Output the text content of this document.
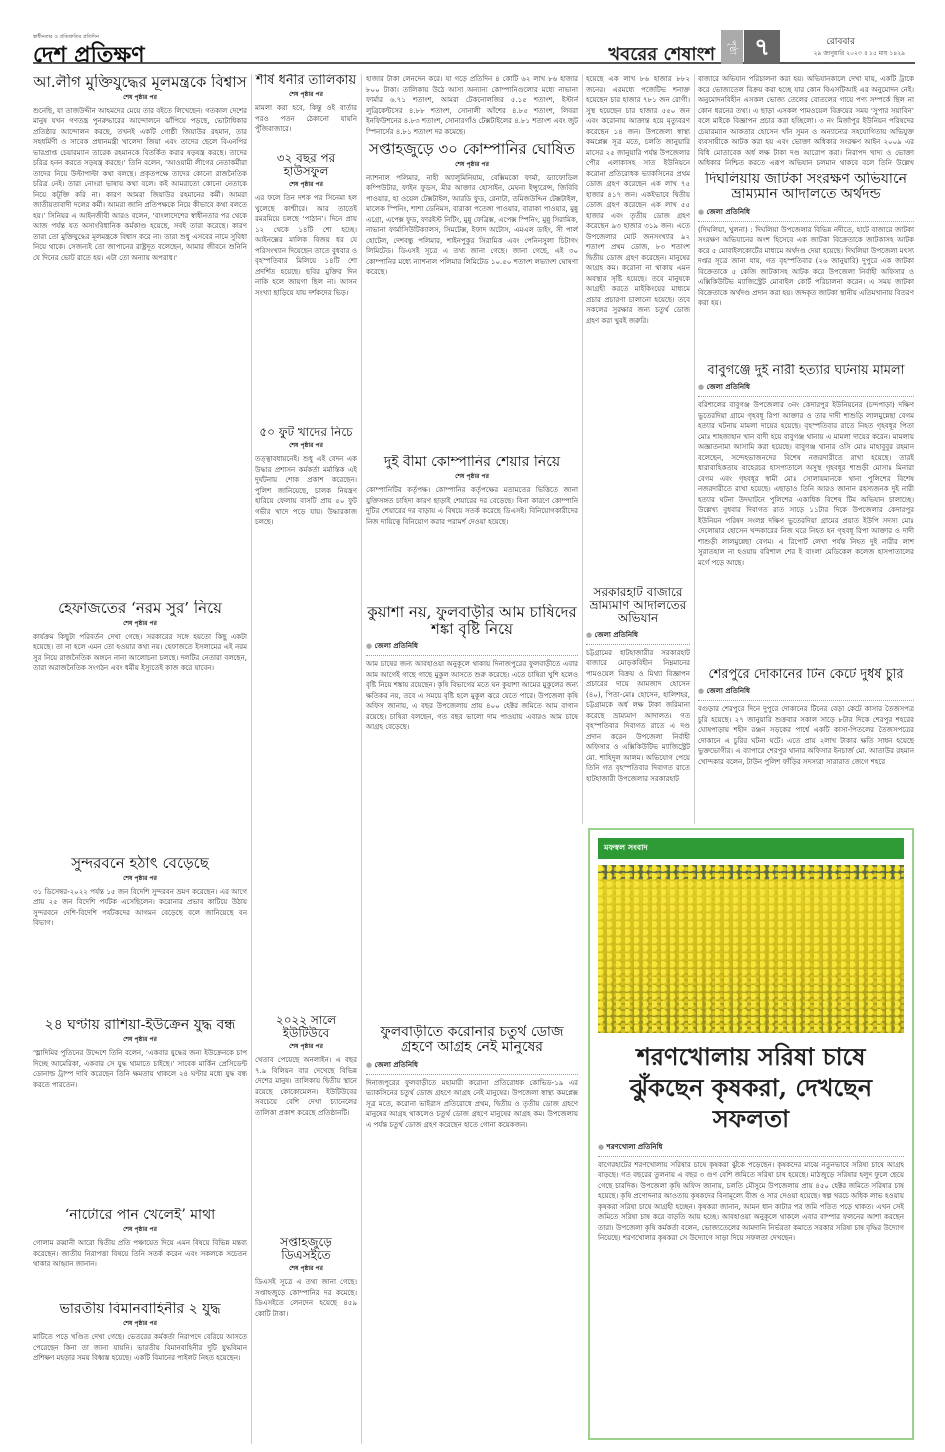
স্বাধীনতার ও প্রতিশ্রুতির প্রতিদিন
দেশ প্রতিক্ষণ	খবরের শেষাংশ	পৃষ্ঠা ৭	রোববার
২৯ জানুয়ারি ২০২৩ ॥ ১৫ মাঘ ১৪২৯
আ.লীগ মুক্তিযুদ্ধের মূলমন্ত্রকে বিশ্বাস
শেষ পৃষ্ঠার পর

শুনেছি, যা তাজউদ্দীন আহমদের মেয়ে তার বইতে লিখেছেন। গতকাল দেশের মানুষ যখন গণতন্ত্র পুনরুদ্ধারের আন্দোলনে ঝাঁপিয়ে পড়ছে, ভোটাধিকার প্রতিষ্ঠার আন্দোলন করছে, তখনই একটি গোষ্ঠী জিয়াউর রহমান, তার সহধর্মিণী ও সাবেক প্রধানমন্ত্রী খালেদা জিয়া এবং তাদের ছেলে বিএনপির ভারপ্রাপ্ত চেয়ারম্যান তারেক রহমানকে বিতর্কিত করার ষড়যন্ত্র করছে। তাদের চরিত্র হনন করতে সড়যন্ত্র করছে।’ তিনি বলেন, ‘আওয়ামী লীগের নেতাকর্মীরা তাদের নিয়ে উল্টাপাল্টা কথা বলছে। প্রকৃতপক্ষে তাদের কোনো রাজনৈতিক চরিত্র নেই। তারা নোংরা ভাষায় কথা বলে। কই আমরাতো কোনো নেতাকে নিয়ে কটূক্তি করি না। কারণ আমরা জিয়াউর রহমানের কর্মী। আমরা জাতীয়তাবাদী দলের কর্মী। আমরা জানি প্রতিপক্ষকে নিয়ে কীভাবে কথা বলতে হয়।’ সিনিয়র এ আইনজীবী আরও বলেন, ‘বাংলাদেশের স্বাধীনতার পর থেকে আজ পর্যন্ত যত অসাংবিধানিক কর্মকাণ্ড হয়েছে, সবই তারা করেছে। কারণ তারা তো মুক্তিযুদ্ধের মূলমন্ত্রকে বিশ্বাস করে না। তারা শুধু এসবের নামে সুবিধা নিয়ে থাকে। সেজন্যই তো জাপানের রাষ্ট্রদূত বলেছেন, আমার জীবনে শুনিনি যে দিনের ভোট রাতে হয়। এটা তো অন্যায় অপরাধ।'

হেফাজতের ‘নরম সুর’ নিয়ে
শেষ পৃষ্ঠার পর

কার্যক্রম কিছুটা পরিবর্তন দেখা গেছে। সরকারের সঙ্গে হয়তো কিছু একটা হয়েছে। তা না হলে এমন তো হওয়ার কথা নয়। হেফাজতে ইসলামের এই নরম সুর নিয়ে রাজনৈতিক অঙ্গনে নানা আলোচনা চলছে। দলটির নেতারা বলছেন, তারা অরাজনৈতিক সংগঠন এবং ধর্মীয় ইস্যুতেই কাজ করে যাবেন।

সুন্দরবনে হঠাৎ বেড়েছে
শেষ পৃষ্ঠার পর

৩১ ডিসেম্বর-২০২২ পর্যন্ত ১৫ জন বিদেশি সুন্দরবন ভ্রমণ করেছেন। এর আগে প্রায় ২৫ জন বিদেশি পর্যটক এসেছিলেন। করোনার প্রভাব কাটিয়ে উঠায় সুন্দরবনে দেশি-বিদেশি পর্যটকদের আগমন বেড়েছে বলে জানিয়েছে বন বিভাগ।

২৪ ঘণ্টায় রাশিয়া-ইউক্রেন যুদ্ধ বন্ধ
শেষ পৃষ্ঠার পর

‘ভ্লাদিমির পুতিনের উদ্দেশে তিনি বলেন, ‘একবার যুদ্ধের জন্য ইউক্রেনকে চাপ দিচ্ছে আমেরিকা, একবার সে যুদ্ধ থামাতে চাইছে।’ সাবেক মার্কিন প্রেসিডেন্ট ডোনাল্ড ট্রাম্প দাবি করেছেন তিনি ক্ষমতায় থাকলে ২৪ ঘণ্টার মধ্যে যুদ্ধ বন্ধ করতে পারতেন।

‘নাটোরে পান খেলেই’ মাথা
শেষ পৃষ্ঠার পর

গোলাম রব্বানী আরো দ্বিতীয় প্রতি পঞ্চায়েত দিয়ে এমন বিষয়ে বিভিন্ন মন্তব্য করেছেন। জাতীয় নিরাপত্তা বিষয়ে তিনি সতর্ক করেন এবং সকলকে সচেতন থাকার আহ্বান জানান।

ভারতীয় বিমানবাহিনীর ২ যুদ্ধ
শেষ পৃষ্ঠার পর

মাটিতে পড়ে খণ্ডিত দেখা গেছে। ভেতরের কর্মকর্তা নিরাপদে বেরিয়ে আসতে পেরেছেন কিনা তা জানা যায়নি। ভারতীয় বিমানবাহিনীর দুটি যুদ্ধবিমান প্রশিক্ষণ মহড়ার সময় বিধ্বস্ত হয়েছে। একটি বিমানের পাইলট নিহত হয়েছেন।

শীর্ষ ধনীর তালিকায়
শেষ পৃষ্ঠার পর

মামলা করা হবে, কিন্তু ওই বার্তার পরও পতন ঠেকানো যায়নি পুঁজিবাজারে।

৩২ বছর পর হাউসফুল
শেষ পৃষ্ঠার পর

এর ফলে তিন দশক পর সিনেমা হল খুলেছে কাশ্মীরে। আর তাতেই রমরমিয়ে চলছে ‘পাঠান’। দিনে প্রায় ১২ থেকে ১৪টি শো হচ্ছে। আইনক্সের মালিক বিজয় ধর যে পরিসংখ্যান দিয়েছেন তাতে বুধবার ও বৃহস্পতিবার মিলিয়ে ১৪টি শো প্রদর্শিত হয়েছে। ছবির মুক্তির দিন নাকি হলে জায়গা ছিল না। আসন সংখ্যা ছাড়িয়ে যায় দর্শকদের ভিড়।

৫০ ফুট খাদের নিচে
শেষ পৃষ্ঠার পর

তত্ত্বাবধায়নেই। শুধু এই বেদন এক উদ্ধার প্রশাসন কর্মকর্তা মর্মান্তিক এই দুর্ঘটনায় শোক প্রকাশ করেছেন। পুলিশ জানিয়েছে, চালক নিয়ন্ত্রণ হারিয়ে ফেলায় বাসটি প্রায় ৫০ ফুট গভীর খাদে পড়ে যায়। উদ্ধারকাজ চলছে।

২০২২ সালে ইউটিউবে
শেষ পৃষ্ঠার পর

খেতাব পেয়েছে অনলাইন। এ বছর ৭.৯ বিলিয়ন বার দেখেছে বিভিন্ন দেশের মানুষ। তালিকায় দ্বিতীয় স্থানে রয়েছে কোকোমেলন। ইউটিউবের সবচেয়ে বেশি দেখা চ্যানেলের তালিকা প্রকাশ করেছে প্রতিষ্ঠানটি।

সপ্তাহজুড়ে ডিএসইতে
শেষ পৃষ্ঠার পর

ডিএসই সূত্রে এ তথ্য জানা গেছে। সপ্তাহজুড়ে কোম্পানির দর কমেছে। ডিএসইতে লেনদেন হয়েছে ৪৫৯ কোটি টাকা।

হাজার টাকা লেনদেন করে। যা গড়ে প্রতিদিন ৪ কোটি ৬২ লাখ ৮৬ হাজার ৮০০ টাকা। তালিকায় উঠে আসা অন্যান্য কোম্পানিগুলোর মধ্যে নাভানা ফার্মার ৬.৭১ শতাংশ, আমরা টেকনোলজির ৫.১৫ শতাংশ, ইস্টার্ন লুব্রিকেন্টসের ৪.৮৮ শতাংশ, সোনালী আঁশের ৪.৮৫ শতাংশ, লিবরা ইনফিউশনের ৪.৮৩ শতাংশ, সোনারগাঁও টেক্সটাইলের ৪.৮১ শতাংশ এবং জুট স্পিনার্সের ৪.৮১ শতাংশ দর কমেছে।

সপ্তাহজুড়ে ৩০ কোম্পানির ঘোষিত
শেষ পৃষ্ঠার পর

ন্যাশনাল পলিমার, নাহী অ্যালুমিনিয়াম, বেক্সিমকো ফার্মা, ড্যাফোডিল কম্পিউটার, ফাইন ফুডস, মীর আক্তার হোসাইন, মেঘনা ইন্স্যুরেন্স, জিবিবি পাওয়ার, হা ওয়েল টেক্সটাইল, আরডি ফুড, রেনাটা, তমিজউদ্দিন টেক্সটাইল, মালেক স্পিনিং, শাশা ডেনিমস, বারাকা পতেঙ্গা পাওয়ার, বারাকা পাওয়ার, মুন্নু এগ্রো, এপেক্স ফুড, ফারইস্ট নিটিং, মুন্নু ফেব্রিক্স, এপেক্স স্পিনিং, মুন্নু সিরামিক, নাভানা ফার্মাসিউটিক্যালস, সিমটেক্স, ইফাদ অটোস, এমএল ডাইং, সী পার্ল হোটেল, দেশবন্ধু পলিমার, শাইনপুকুর সিরামিক এবং পেনিনসুলা চিটাগং লিমিটেড। ডিএসই সূত্রে এ তথ্য জানা গেছে। জানা গেছে, এই ৩০ কোম্পানির মধ্যে ন্যাশনাল পলিমার লিমিটেড ১০.৫০ শতাংশ লভ্যাংশ ঘোষণা করেছে।

দুই বীমা কোম্পানির শেয়ার নিয়ে
শেষ পৃষ্ঠার পর

কোম্পানিটির কর্তৃপক্ষ। কোম্পানির কর্তৃপক্ষের মতামতের ভিত্তিতে জানা যুক্তিসঙ্গত চাহিদা কারণ ছাড়াই শেয়ারের দর বেড়েছে। বিনা কারণে কোম্পানি দুটির শেয়ারের দর বাড়ায় এ বিষয়ে সতর্ক করেছে ডিএসই। বিনিয়োগকারীদের নিজ দায়িত্বে বিনিয়োগ করার পরামর্শ দেওয়া হয়েছে।

কুয়াশা নয়, ফুলবাড়ীর আম চাষিদের শঙ্কা বৃষ্টি নিয়ে
● জেলা প্রতিনিধি

আম চাষের জন্য আবহাওয়া অনুকূলে থাকায় দিনাজপুরের ফুলবাড়ীতে এবার আম আগেই গাছে গাছে মুকুল আসতে শুরু করেছে। এতে চাষিরা খুশি হলেও বৃষ্টি নিয়ে শঙ্কায় রয়েছেন। কৃষি বিভাগের মতে ঘন কুয়াশা আমের মুকুলের জন্য ক্ষতিকর নয়, তবে এ সময়ে বৃষ্টি হলে মুকুল ঝরে যেতে পারে। উপজেলা কৃষি অফিস জানায়, এ বছর উপজেলায় প্রায় ৪০০ হেক্টর জমিতে আম বাগান রয়েছে। চাষিরা বলছেন, গত বছর ভালো দাম পাওয়ায় এবারও আম চাষে আগ্রহ বেড়েছে।

ফুলবাড়ীতে করোনার চতুর্থ ডোজ গ্রহণে আগ্রহ নেই মানুষের
● জেলা প্রতিনিধি

দিনাজপুরের ফুলবাড়ীতে মহামারী করোনা প্রতিরোধক কোভিড-১৯ এর ভ্যাকসিনের চতুর্থ ডোজ গ্রহণে আগ্রহ নেই মানুষের। উপজেলা স্বাস্থ্য কমপ্লেক্স সূত্র মতে, করোনা ভাইরাস প্রতিরোধে প্রথম, দ্বিতীয় ও তৃতীয় ডোজ গ্রহণে মানুষের আগ্রহ থাকলেও চতুর্থ ডোজ গ্রহণে মানুষের আগ্রহ কম। উপজেলায় এ পর্যন্ত চতুর্থ ডোজ গ্রহণ করেছেন হাতে গোনা কয়েকজন।

হয়েছে এক লাখ ৮৬ হাজার ৮৮২ জনের। এরমধ্যে পজেটিভ শনাক্ত হয়েছেন চার হাজার ৭৮১ জন রোগী। সুস্থ হয়েছেন চার হাজার ৫৫০ জন এবং করোনায় আক্রান্ত হয়ে মৃত্যুবরণ করেছেন ১৪ জন। উপজেলা স্বাস্থ্য কমপ্লেক্স সূত্র মতে, চলতি জানুয়ারি মাসের ২৫ জানুয়ারি পর্যন্ত উপজেলার পৌর এলাকাসহ সাত ইউনিয়নে করোনা প্রতিরোধক ভ্যাকসিনের প্রথম ডোজ গ্রহণ করেছেন এক লাখ ৭৫ হাজার ৪১৭ জন। একইভাবে দ্বিতীয় ডোজ গ্রহণ করেছেন এক লাখ ৫৫ হাজার এবং তৃতীয় ডোজ গ্রহণ করেছেন ৯৩ হাজার ৩১৯ জন। এতে উপজেলার মোট জনসংখ্যার ৯২ শতাংশ প্রথম ডোজ, ৮৩ শতাংশ দ্বিতীয় ডোজ গ্রহণ করেছেন। মানুষের আগ্রহ কম। করোনা না থাকায় এমন অবস্থার সৃষ্টি হয়েছে। তবে মানুষকে আগ্রহী করতে মাইকিংয়ের মাধ্যমে প্রচার প্রচারণা চালানো হয়েছে। তবে সকলের সুরক্ষার জন্য চতুর্থ ডোজ গ্রহণ করা খুবই জরুরি।

সরকারহাট বাজারে ভ্রাম্যমাণ আদালতের অভিযান
● জেলা প্রতিনিধি

চট্টগ্রামের হাটহাজারীর সরকারহাট বাজারে মোড়কবিহীন নিম্নমানের পামওয়েল বিক্রয় ও মিথ্যা বিজ্ঞাপন প্রচারের দায়ে আমজাদ হোসেন (৪০), পিতা-মোঃ হোসেন, হালিশহর, চট্টগ্রামকে অর্ধ লক্ষ টাকা জরিমানা করেছে ভ্রাম্যমাণ আদালত। গত বৃহস্পতিবার দিবাগত রাতে এ দণ্ড প্রদান করেন উপজেলা নির্বাহী অফিসার ও এক্সিকিউটিভ ম্যাজিস্ট্রেট মো. শাহিদুল আলম। অভিযোগ পেয়ে তিনি গত বৃহস্পতিবার দিবাগত রাতে হাটহাজারী উপজেলার সরকারহাট

বাজারে অভিযান পরিচালনা করা হয়। অভিযানকালে দেখা যায়, একটি ট্রাকে করে ভোজ্যতেল বিক্রয় করা হচ্ছে যার কোন বিএসটিআই এর অনুমোদন নেই। অনুমোদনবিহীন এসকল ভোজ্য তেলের বোতলের গায়ে পণ্য সম্পর্কে ছিল না কোন ধরনের তথ্য। এ ছাড়া এসকল পামওয়েল বিক্রয়ের সময় ‘সুপার সয়াবিন’ বলে মাইকে বিজ্ঞাপন প্রচার করা হচ্ছিলো। ৩ নং মির্জাপুর ইউনিয়ন পরিষদের চেয়ারম্যান আকতার হোসেন খাঁন সুমন ও অন্যান্যের সহযোগিতায় অভিযুক্ত ব্যবসায়ীকে আটক করা হয় এবং ভোক্তা অধিকার সংরক্ষণ আইন ২০০৯ এর বিধি মোতাবেক অর্ধ লক্ষ টাকা দণ্ড আরোপ করা। নিরাপদ খাদ্য ও ভোক্তা অধিকার নিশ্চিত করতে এরূপ অভিযান চলমান থাকবে বলে তিনি উল্লেখ

দিঘলিয়ায় জাটকা সংরক্ষণ অভিযানে ভ্রাম্যমান আদালতে অর্থদন্ড
● জেলা প্রতিনিধি

(দিঘলিয়া, খুলনা) : দিঘলিয়া উপজেলার বিভিন্ন নদীতে, হাটে বাজারে জাটকা সংরক্ষণ অভিযানের অংশ হিসেবে এক জাটকা বিক্রেতাকে জাটকাসহ আটক করে ৫ মোবাইলকোর্টের মাধ্যমে অর্থদণ্ড দেয়া হয়েছে। দিঘলিয়া উপজেলা মৎস্য দপ্তর সূত্রে জানা যায়, গত বৃহস্পতিবার (২৬ জানুয়ারি) দুপুরে এক জাটকা বিক্রেতাকে ৫ কেজি জাটকাসহ আটক করে উপজেলা নির্বাহী অফিসার ও এক্সিকিউটিভ ম্যাজিস্ট্রেট মোবাইল কোর্ট পরিচালনা করেন। এ সময় জাটকা বিক্রেতাকে অর্থদণ্ড প্রদান করা হয়। জব্দকৃত জাটকা স্থানীয় এতিমখানায় বিতরণ করা হয়।

বাবুগঞ্জে দুই নারী হত্যার ঘটনায় মামলা
● জেলা প্রতিনিধি

বরিশালের বাবুগঞ্জ উপজেলার ৩নং কেদারপুর ইউনিয়নের (চন্দপাড়া) দক্ষিণ ভুতেরদিয়া গ্রামে গৃহবধূ রিপা আক্তার ও তার দাদী শাশুড়ি লালমুন্নেছা বেগম হত্যার ঘটনায় মামলা দায়ের হয়েছে। বৃহস্পতিবার রাতে নিহত গৃহবধূর পিতা মোঃ শাহজাহান খান বাদী হয়ে বাবুগঞ্জ থানায় এ মামলা দায়ের করেন। মামলায় অজ্ঞাতনামা আসামি করা হয়েছে। বাবুগঞ্জ থানার ওসি মোঃ মাহাবুবুর রহমান বলেছেন, সন্দেহভাজনদের বিশেষ নজরদারীতে রাখা হয়েছে। তারই ধারাবাহিকতায় বাহেরচর হাসপাতালে অসুস্থ গৃহবধূর শাশুড়ী মোসাঃ মিনারা বেগম এবং গৃহবধূর স্বামী মোঃ সোলায়মানকে থানা পুলিশের বিশেষ নজরদারীতে রাখা হয়েছে। এছাড়াও তিনি আরও জানান রহস্যজনক দুই নারী হত্যার ঘটনা উদঘাটনে পুলিশের একাধিক বিশেষ টিম অভিযান চালাচ্ছে। উল্লেখ্য বুধবার দিবাগত রাত সাড়ে ১১টার দিকে উপজেলার কেদারপুর ইউনিয়ন পরিষদ সংলগ্ন দক্ষিণ ভুতেরদিয়া গ্রামের প্রয়াত ইউপি সদস্য মোঃ দেলোয়ার হোসেন খন্দকারের নিজ ঘরে নিহত হন গৃহবধূ রিপা আক্তার ও দাদী শাশুড়ী লালমুন্নেছা বেগম। এ রিপোর্ট লেখা পর্যন্ত নিহত দুই নারীর লাশ সুরাতহাল না হওয়ায় বরিশাল শের ই বাংলা মেডিকেল কলেজ হাসপাতালের মর্গে পড়ে আছে।

শেরপুরে দোকানের টিন কেটে দুর্ধর্ষ চুরি
● জেলা প্রতিনিধি

বগুড়ার শেরপুরে দিনে দুপুরে দোকানের টিনের বেড়া কেটে কাসার তৈজসপত্র চুরি হয়েছে। ২৭ জানুয়ারি শুক্রবার সকাল সাড়ে ৮টার দিকে শেরপুর শহরের ঘোষপাড়ায় শহীদ রঞ্জন সড়কের পার্শ্বে একটি কাসা-পিতলের তৈজসপত্রের দোকানে এ চুরির ঘটনা ঘটে। এতে প্রায় ২লাখ টাকার ক্ষতি সাধন হয়েছে ভুক্তভোগীর। এ ব্যাপারে শেরপুর থানার অফিসার ইনচার্জ মো. আতাউর রহমান খোন্দকার বলেন, টাউন পুলিশ ফাঁড়ির সদস্যরা সারারাত জেগে শহরে

মফস্বল সংবাদ
শরণখোলায় সরিষা চাষে ঝুঁকছেন কৃষকরা, দেখছেন সফলতা
● শরণখোলা প্রতিনিধি

বাগেরহাটের শরণখোলায় সরিষার চাষে কৃষকরা ঝুঁকে পড়েছেন। কৃষকদের মাঝে নতুনভাবে সরিষা চাষে আগ্রহ বাড়ছে। গত বছরের তুলনায় এ বছর ৩ গুণ বেশি জমিতে সরিষা চাষ হয়েছে। মাঠজুড়ে সরিষার হলুদ ফুলে ছেয়ে গেছে চারদিক। উপজেলা কৃষি অফিস জানায়, চলতি মৌসুমে উপজেলায় প্রায় ৪৫০ হেক্টর জমিতে সরিষার চাষ হয়েছে। কৃষি প্রণোদনার আওতায় কৃষকদের বিনামূল্যে বীজ ও সার দেওয়া হয়েছে। স্বল্প খরচে অধিক লাভ হওয়ায় কৃষকরা সরিষা চাষে আগ্রহী হচ্ছেন। কৃষকরা জানান, আমন ধান কাটার পর জমি পতিত পড়ে থাকত। এখন সেই জমিতে সরিষা চাষ করে বাড়তি আয় হচ্ছে। আবহাওয়া অনুকূলে থাকলে এবার বাম্পার ফলনের আশা করছেন তারা। উপজেলা কৃষি কর্মকর্তা বলেন, ভোজ্যতেলের আমদানি নির্ভরতা কমাতে সরকার সরিষা চাষ বৃদ্ধির উদ্যোগ নিয়েছে। শরণখোলার কৃষকরা সে উদ্যোগে সাড়া দিয়ে সফলতা দেখছেন।
